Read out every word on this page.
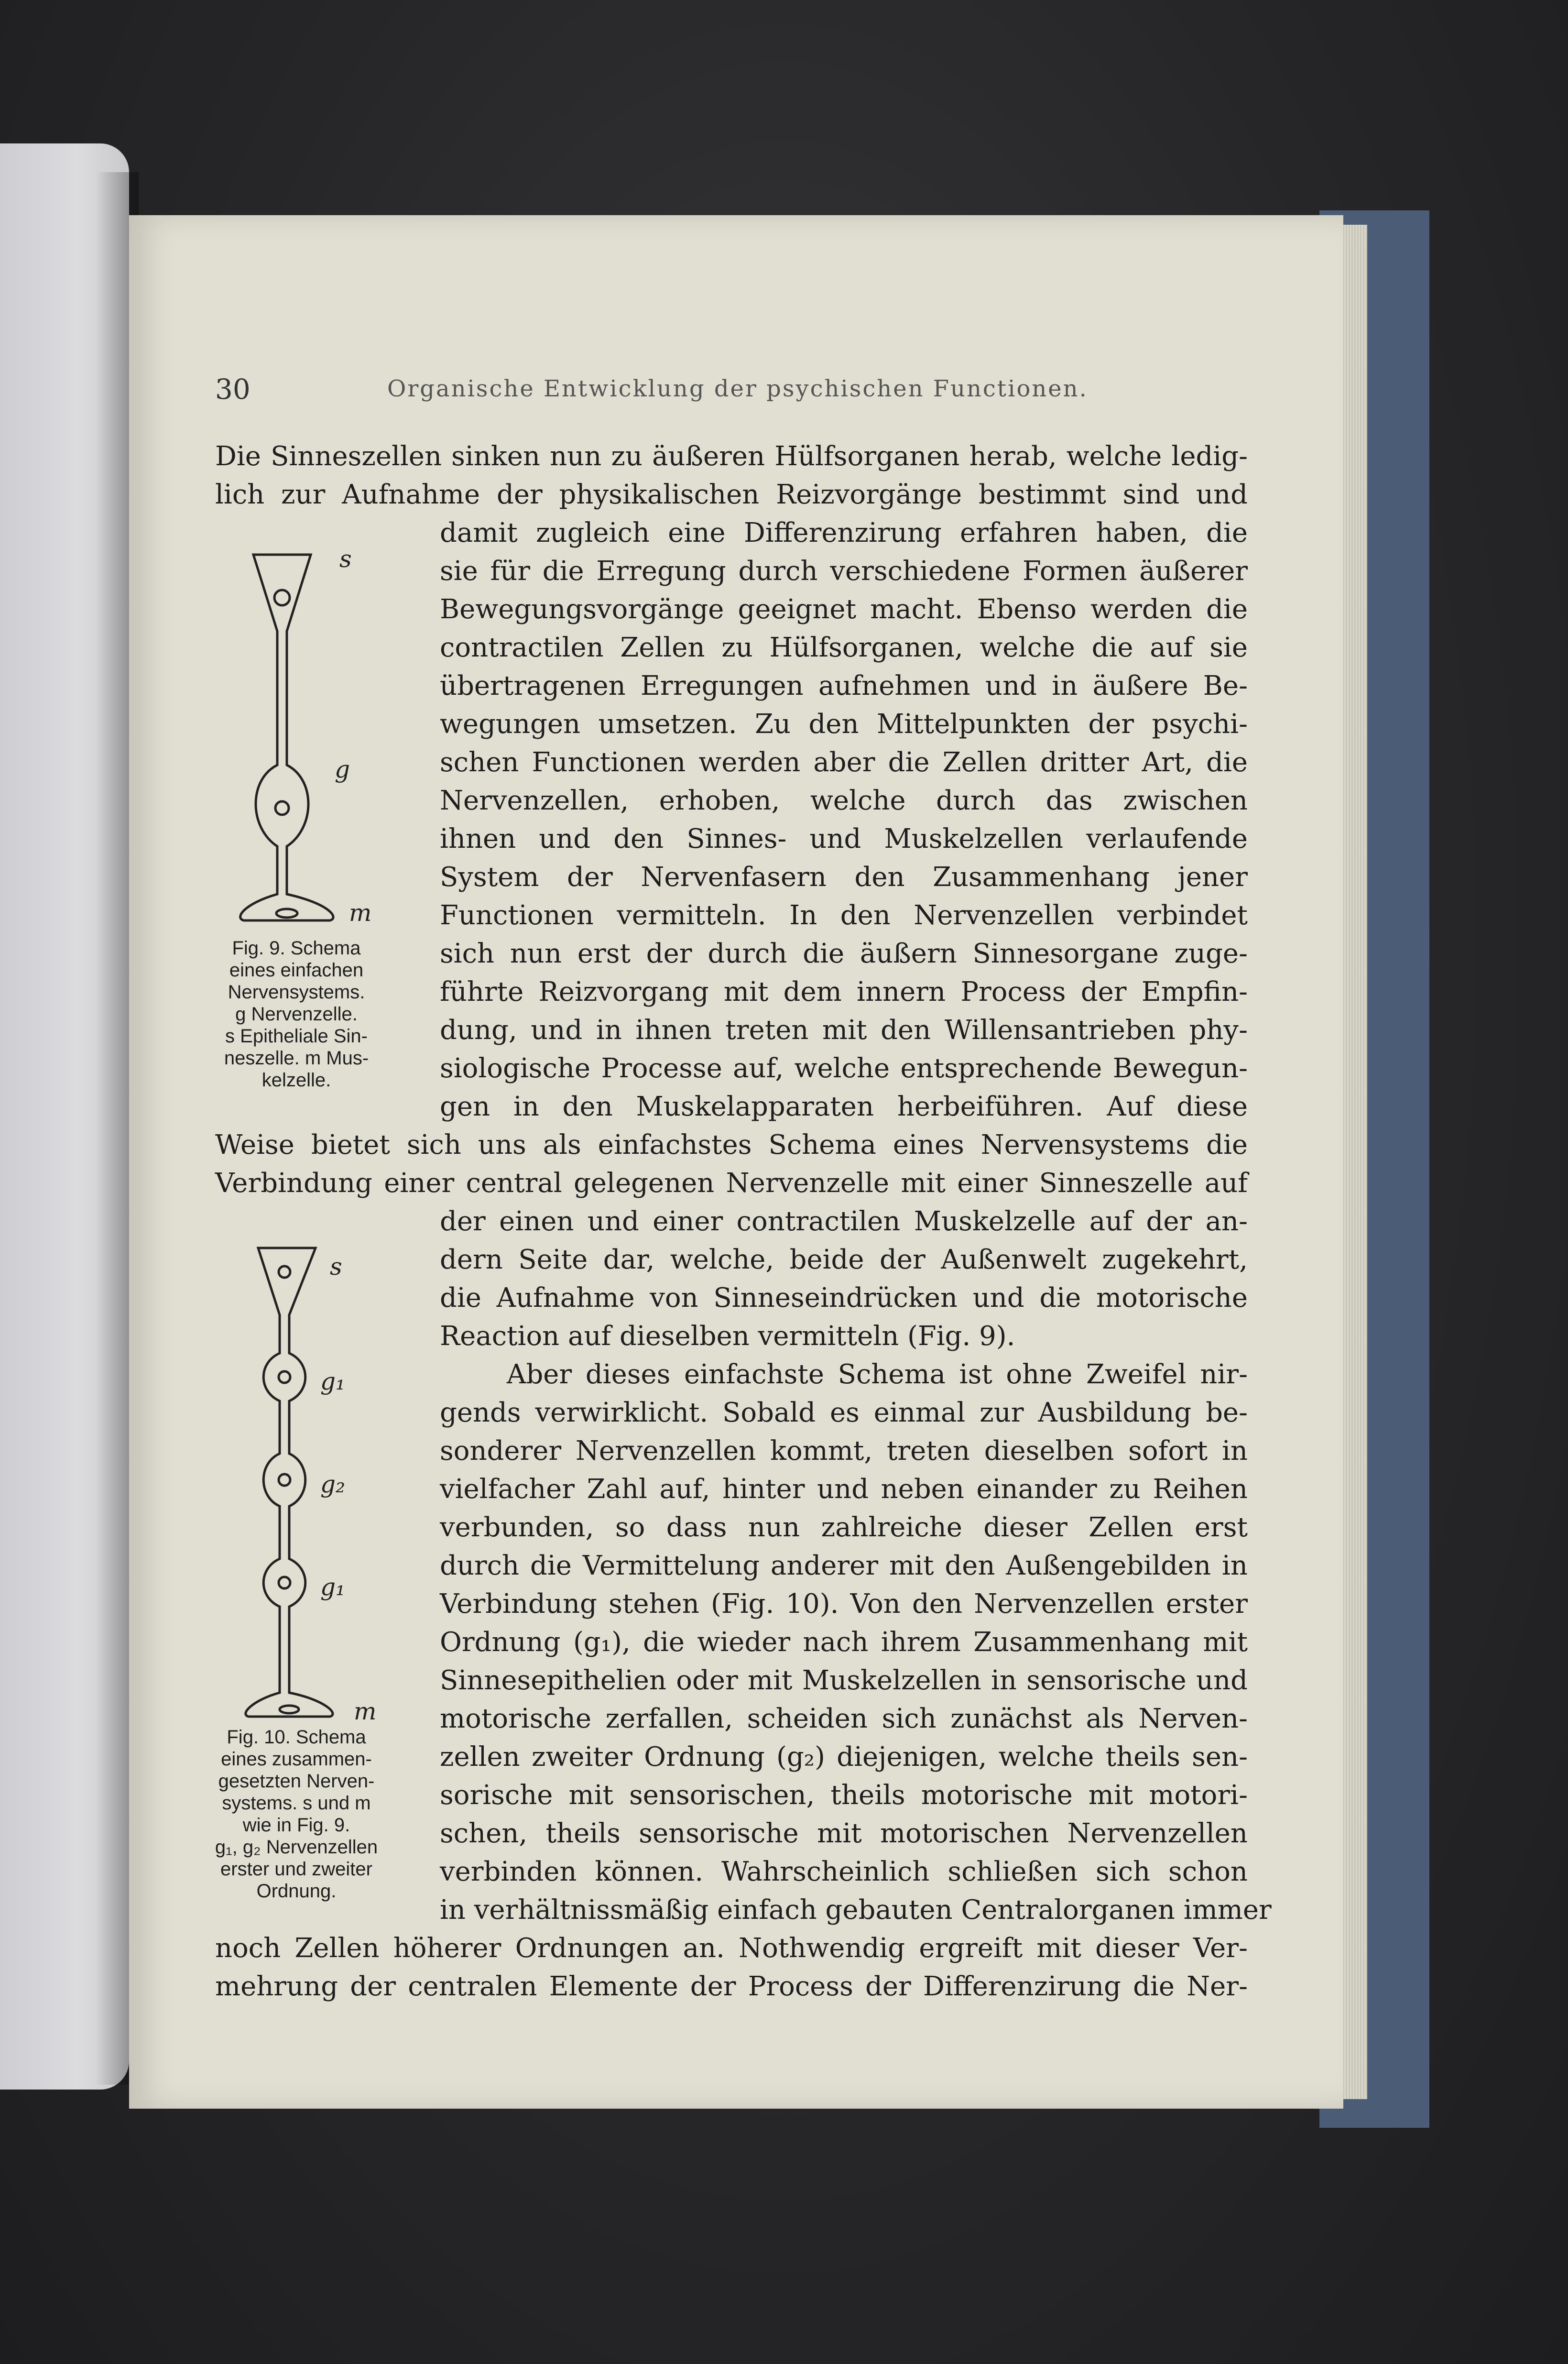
30	Organische Entwicklung der psychischen Functionen.
Die Sinneszellen sinken nun zu äußeren Hülfsorganen herab, welche ledig-
lich zur Aufnahme der physikalischen Reizvorgänge bestimmt sind und
damit zugleich eine Differenzirung erfahren haben, die
sie für die Erregung durch verschiedene Formen äußerer
Bewegungsvorgänge geeignet macht. Ebenso werden die
contractilen Zellen zu Hülfsorganen, welche die auf sie
übertragenen Erregungen aufnehmen und in äußere Be-
wegungen umsetzen. Zu den Mittelpunkten der psychi-
schen Functionen werden aber die Zellen dritter Art, die
Nervenzellen, erhoben, welche durch das zwischen
ihnen und den Sinnes- und Muskelzellen verlaufende
System der Nervenfasern den Zusammenhang jener
Functionen vermitteln. In den Nervenzellen verbindet
sich nun erst der durch die äußern Sinnesorgane zuge-
führte Reizvorgang mit dem innern Process der Empfin-
dung, und in ihnen treten mit den Willensantrieben phy-
siologische Processe auf, welche entsprechende Bewegun-
gen in den Muskelapparaten herbeiführen. Auf diese
Weise bietet sich uns als einfachstes Schema eines Nervensystems die
Verbindung einer central gelegenen Nervenzelle mit einer Sinneszelle auf
der einen und einer contractilen Muskelzelle auf der an-
dern Seite dar, welche, beide der Außenwelt zugekehrt,
die Aufnahme von Sinneseindrücken und die motorische
Reaction auf dieselben vermitteln (Fig. 9).
Aber dieses einfachste Schema ist ohne Zweifel nir-
gends verwirklicht. Sobald es einmal zur Ausbildung be-
sonderer Nervenzellen kommt, treten dieselben sofort in
vielfacher Zahl auf, hinter und neben einander zu Reihen
verbunden, so dass nun zahlreiche dieser Zellen erst
durch die Vermittelung anderer mit den Außengebilden in
Verbindung stehen (Fig. 10). Von den Nervenzellen erster
Ordnung (g₁), die wieder nach ihrem Zusammenhang mit
Sinnesepithelien oder mit Muskelzellen in sensorische und
motorische zerfallen, scheiden sich zunächst als Nerven-
zellen zweiter Ordnung (g₂) diejenigen, welche theils sen-
sorische mit sensorischen, theils motorische mit motori-
schen, theils sensorische mit motorischen Nervenzellen
verbinden können. Wahrscheinlich schließen sich schon
in verhältnissmäßig einfach gebauten Centralorganen immer
noch Zellen höherer Ordnungen an. Nothwendig ergreift mit dieser Ver-
mehrung der centralen Elemente der Process der Differenzirung die Ner-
s
g
m
Fig. 9. Schema
eines einfachen
Nervensystems.
g Nervenzelle.
s Epitheliale Sin-
neszelle. m Mus-
kelzelle.
s
g₁
g₂
g₁
m
Fig. 10. Schema
eines zusammen-
gesetzten Nerven-
systems. s und m
wie in Fig. 9.
g₁, g₂ Nervenzellen
erster und zweiter
Ordnung.
